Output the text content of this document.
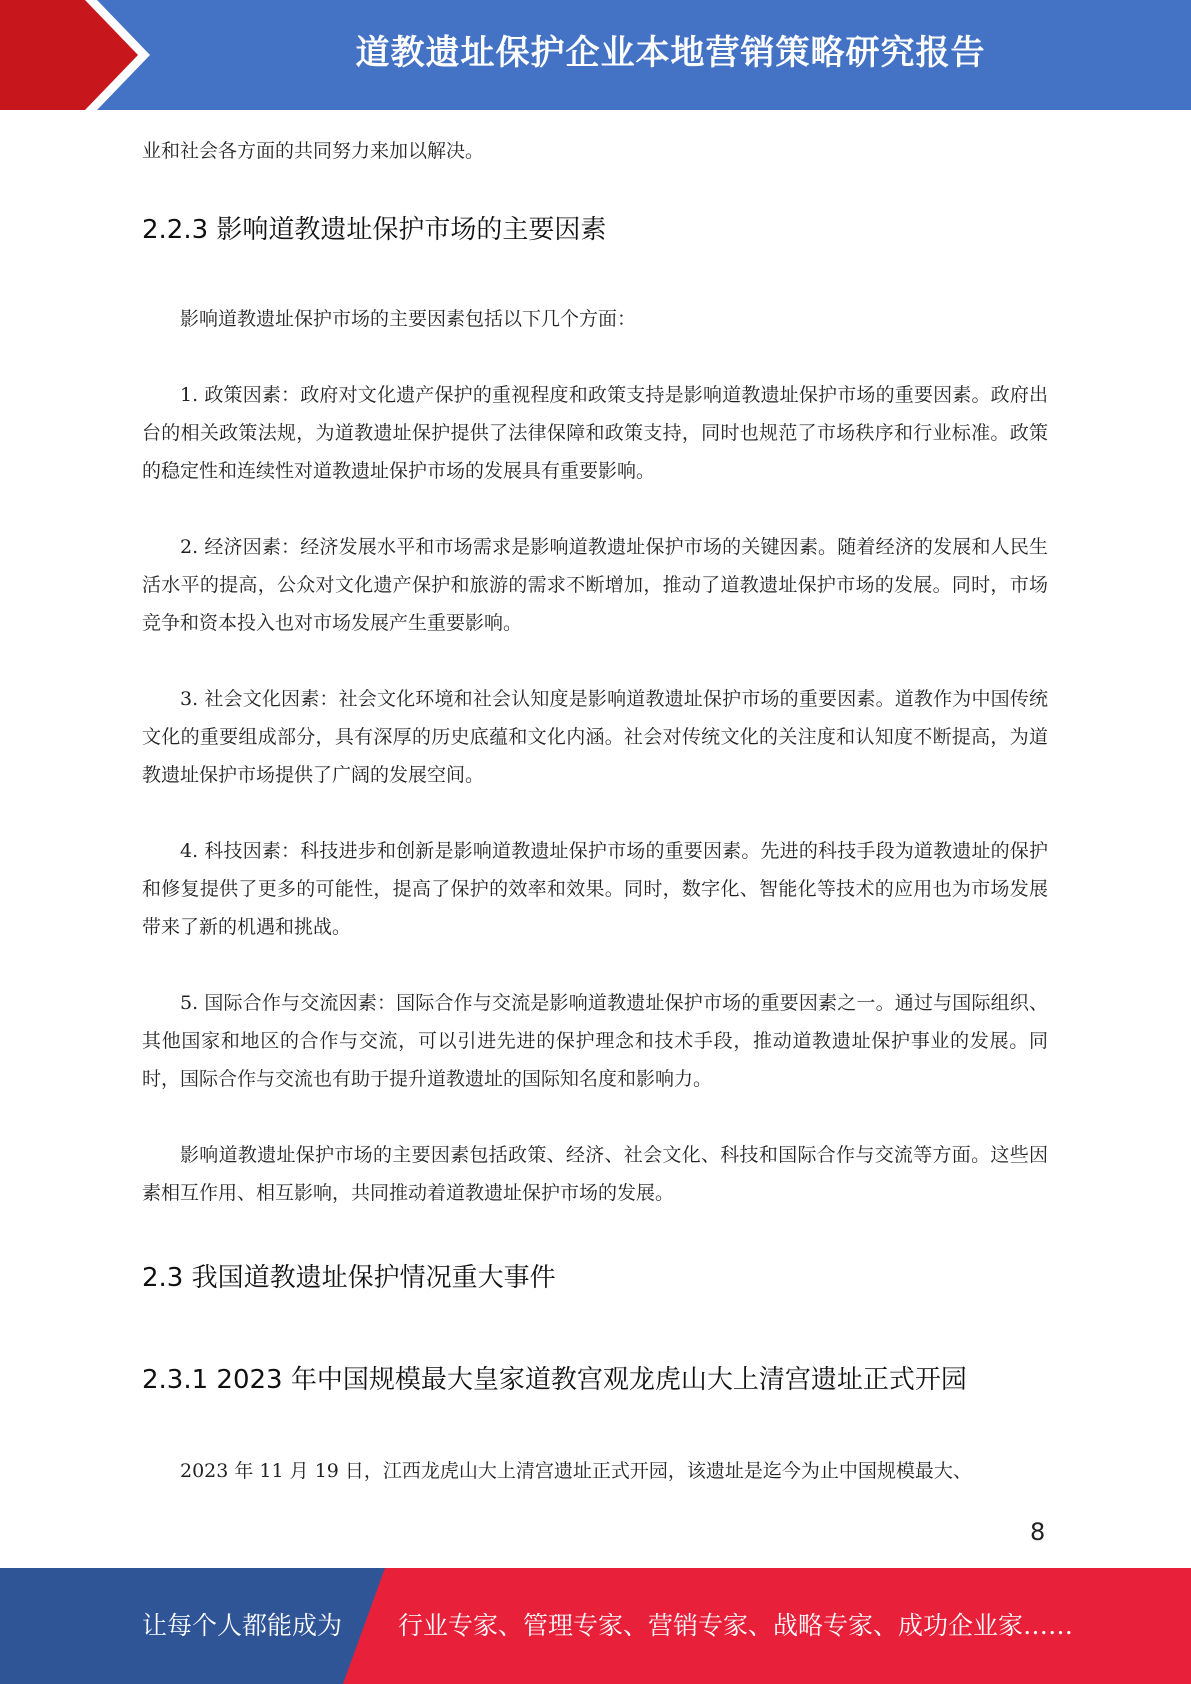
道教遗址保护企业本地营销策略研究报告

业和社会各方面的共同努力来加以解决。

2.2.3 影响道教遗址保护市场的主要因素

影响道教遗址保护市场的主要因素包括以下几个方面：

1. 政策因素：政府对文化遗产保护的重视程度和政策支持是影响道教遗址保护市场的重要因素。政府出台的相关政策法规，为道教遗址保护提供了法律保障和政策支持，同时也规范了市场秩序和行业标准。政策的稳定性和连续性对道教遗址保护市场的发展具有重要影响。

2. 经济因素：经济发展水平和市场需求是影响道教遗址保护市场的关键因素。随着经济的发展和人民生活水平的提高，公众对文化遗产保护和旅游的需求不断增加，推动了道教遗址保护市场的发展。同时，市场竞争和资本投入也对市场发展产生重要影响。

3. 社会文化因素：社会文化环境和社会认知度是影响道教遗址保护市场的重要因素。道教作为中国传统文化的重要组成部分，具有深厚的历史底蕴和文化内涵。社会对传统文化的关注度和认知度不断提高，为道教遗址保护市场提供了广阔的发展空间。

4. 科技因素：科技进步和创新是影响道教遗址保护市场的重要因素。先进的科技手段为道教遗址的保护和修复提供了更多的可能性，提高了保护的效率和效果。同时，数字化、智能化等技术的应用也为市场发展带来了新的机遇和挑战。

5. 国际合作与交流因素：国际合作与交流是影响道教遗址保护市场的重要因素之一。通过与国际组织、其他国家和地区的合作与交流，可以引进先进的保护理念和技术手段，推动道教遗址保护事业的发展。同时，国际合作与交流也有助于提升道教遗址的国际知名度和影响力。

影响道教遗址保护市场的主要因素包括政策、经济、社会文化、科技和国际合作与交流等方面。这些因素相互作用、相互影响，共同推动着道教遗址保护市场的发展。

2.3 我国道教遗址保护情况重大事件
2.3.1 2023 年中国规模最大皇家道教宫观龙虎山大上清宫遗址正式开园

2023 年 11 月 19 日，江西龙虎山大上清宫遗址正式开园，该遗址是迄今为止中国规模最大、

8
让每个人都能成为 行业专家、管理专家、营销专家、战略专家、成功企业家……
